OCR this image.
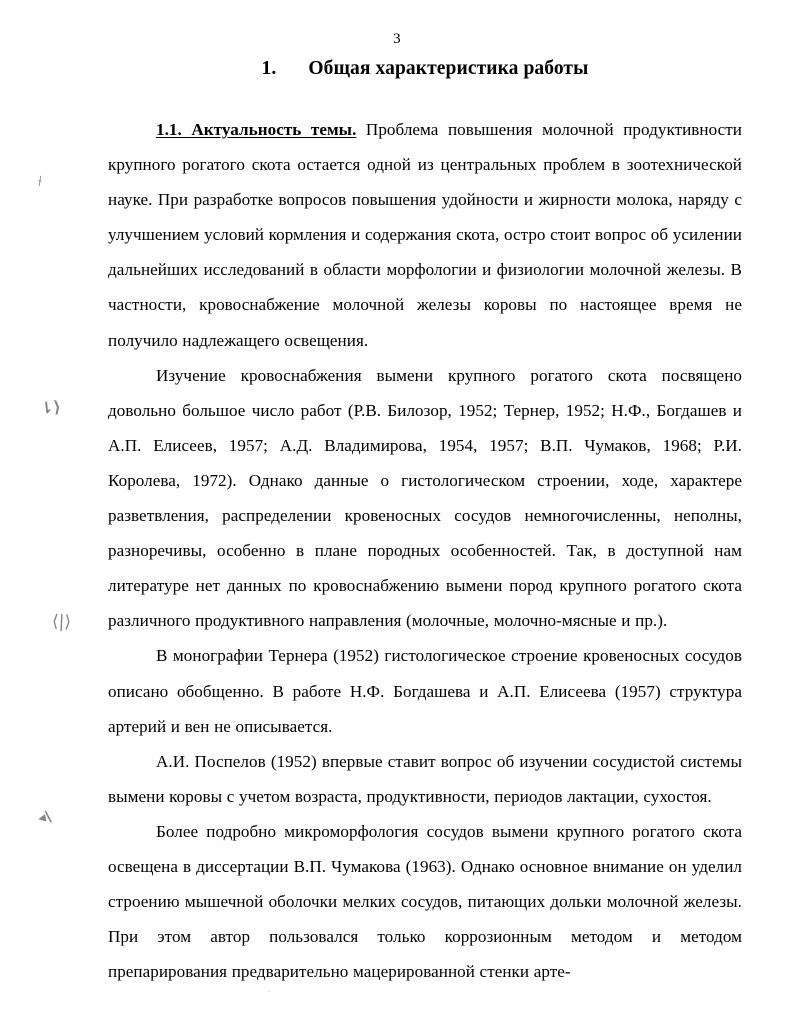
3
1. Общая характеристика работы

1.1. Актуальность темы. Проблема повышения молочной продуктивности крупного рогатого скота остается одной из центральных проблем в зоотехнической науке. При разработке вопросов повышения удойности и жирности молока, наряду с улучшением условий кормления и содержания скота, остро стоит вопрос об усилении дальнейших исследований в области морфологии и физиологии молочной железы. В частности, кровоснабжение молочной железы коровы по настоящее время не получило надлежащего освещения.

Изучение кровоснабжения вымени крупного рогатого скота посвящено довольно большое число работ (Р.В. Билозор, 1952; Тернер, 1952; Н.Ф., Богдашев и А.П. Елисеев, 1957; А.Д. Владимирова, 1954, 1957; В.П. Чумаков, 1968; Р.И. Королева, 1972). Однако данные о гистологическом строении, ходе, характере разветвления, распределении кровеносных сосудов немногочисленны, неполны, разноречивы, особенно в плане породных особенностей. Так, в доступной нам литературе нет данных по кровоснабжению вымени пород крупного рогатого скота различного продуктивного направления (молочные, молочно-мясные и пр.).

В монографии Тернера (1952) гистологическое строение кровеносных сосудов описано обобщенно. В работе Н.Ф. Богдашева и А.П. Елисеева (1957) структура артерий и вен не описывается.

А.И. Поспелов (1952) впервые ставит вопрос об изучении сосудистой системы вымени коровы с учетом возраста, продуктивности, периодов лактации, сухостоя.

Более подробно микроморфология сосудов вымени крупного рогатого скота освещена в диссертации В.П. Чумакова (1963). Однако основное внимание он уделил строению мышечной оболочки мелких сосудов, питающих дольки молочной железы. При этом автор пользовался только коррозионным методом и методом препарирования предварительно мацерированной стенки арте-

⟊
⇂⟩
⟨|⟩
◂\
·
